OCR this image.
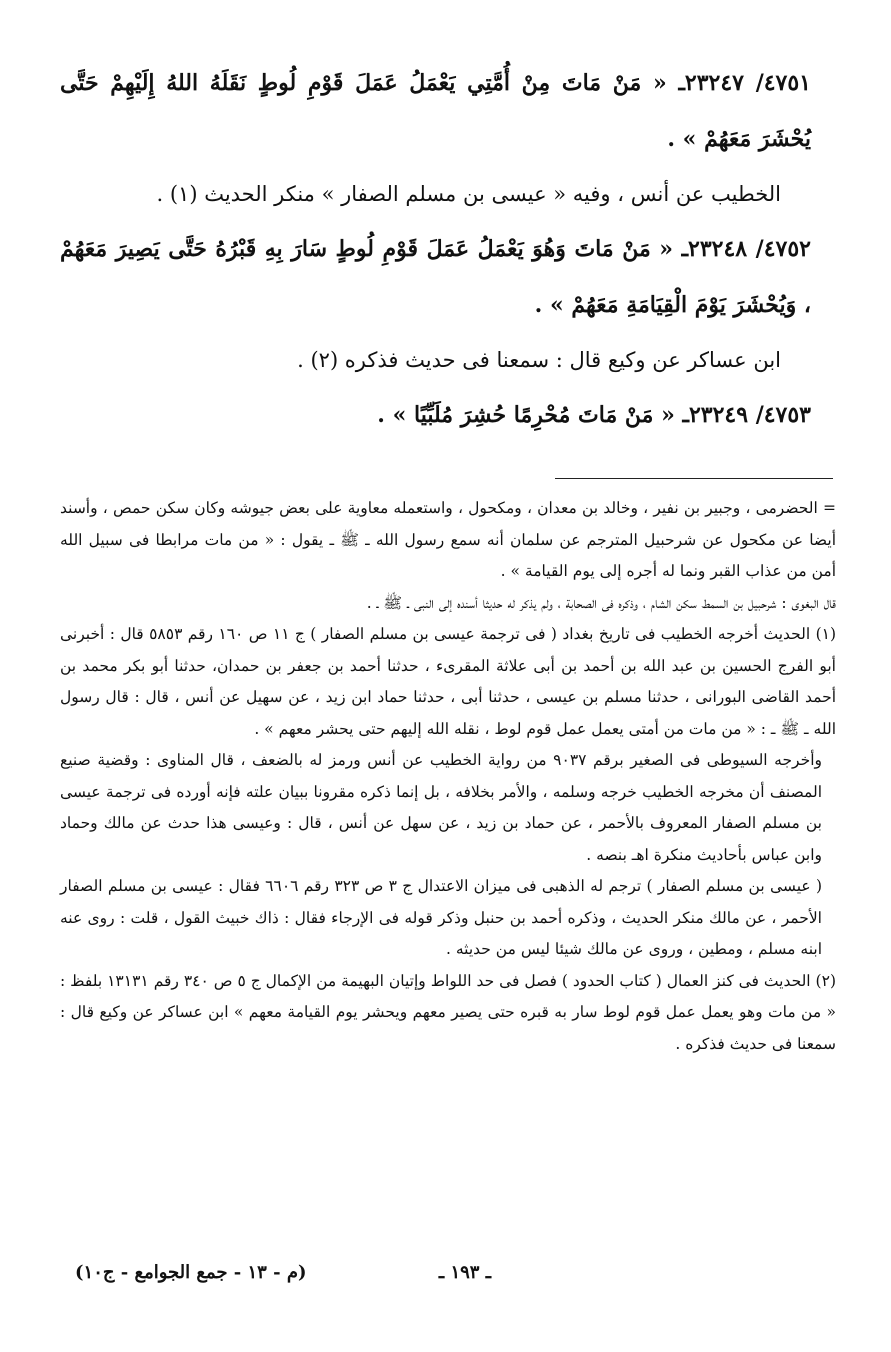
٤٧٥١/ ٢٣٢٤٧ـ « مَنْ مَاتَ مِنْ أُمَّتِي يَعْمَلُ عَمَلَ قَوْمِ لُوطٍ نَقَلَهُ اللهُ إِلَيْهِمْ حَتَّى يُحْشَرَ مَعَهُمْ » .

الخطيب عن أنس ، وفيه « عيسى بن مسلم الصفار » منكر الحديث (١) .

٤٧٥٢/ ٢٣٢٤٨ـ « مَنْ مَاتَ وَهُوَ يَعْمَلُ عَمَلَ قَوْمِ لُوطٍ سَارَ بِهِ قَبْرُهُ حَتَّى يَصِيرَ مَعَهُمْ ، وَيُحْشَرَ يَوْمَ الْقِيَامَةِ مَعَهُمْ » .

ابن عساكر عن وكيع قال : سمعنا فى حديث فذكره (٢) .

٤٧٥٣/ ٢٣٢٤٩ـ « مَنْ مَاتَ مُحْرِمًا حُشِرَ مُلَبِّيًا » .

= الحضرمى ، وجبير بن نفير ، وخالد بن معدان ، ومكحول ، واستعمله معاوية على بعض جيوشه وكان سكن حمص ، وأسند أيضا عن مكحول عن شرحبيل المترجم عن سلمان أنه سمع رسول الله ـ ﷺ ـ يقول : « من مات مرابطا فى سبيل الله أمن من عذاب القبر ونما له أجره إلى يوم القيامة » .

قال البغوى : شرحبيل بن السمط سكن الشام ، وذكره فى الصحابة ، ولم يذكر له حديثا أسنده إلى النبى ـ ﷺ ـ .

(١) الحديث أخرجه الخطيب فى تاريخ بغداد ( فى ترجمة عيسى بن مسلم الصفار ) ج ١١ ص ١٦٠ رقم ٥٨٥٣ قال : أخبرنى أبو الفرج الحسين بن عبد الله بن أحمد بن أبى علاثة المقرىء ، حدثنا أحمد بن جعفر بن حمدان، حدثنا أبو بكر محمد بن أحمد القاضى البورانى ، حدثنا مسلم بن عيسى ، حدثنا أبى ، حدثنا حماد ابن زيد ، عن سهيل عن أنس ، قال : قال رسول الله ـ ﷺ ـ : « من مات من أمتى يعمل عمل قوم لوط ، نقله الله إليهم حتى يحشر معهم » .

وأخرجه السيوطى فى الصغير برقم ٩٠٣٧ من رواية الخطيب عن أنس ورمز له بالضعف ، قال المناوى : وقضية صنيع المصنف أن مخرجه الخطيب خرجه وسلمه ، والأمر بخلافه ، بل إنما ذكره مقرونا ببيان علته فإنه أورده فى ترجمة عيسى بن مسلم الصفار المعروف بالأحمر ، عن حماد بن زيد ، عن سهل عن أنس ، قال : وعيسى هذا حدث عن مالك وحماد وابن عباس بأحاديث منكرة اهـ بنصه .

( عيسى بن مسلم الصفار ) ترجم له الذهبى فى ميزان الاعتدال ج ٣ ص ٣٢٣ رقم ٦٦٠٦ فقال : عيسى بن مسلم الصفار الأحمر ، عن مالك منكر الحديث ، وذكره أحمد بن حنبل وذكر قوله فى الإرجاء فقال : ذاك خبيث القول ، قلت : روى عنه ابنه مسلم ، ومطين ، وروى عن مالك شيئا ليس من حديثه .

(٢) الحديث فى كنز العمال ( كتاب الحدود ) فصل فى حد اللواط وإتيان البهيمة من الإكمال ج ٥ ص ٣٤٠ رقم ١٣١٣١ بلفظ : « من مات وهو يعمل عمل قوم لوط سار به قبره حتى يصير معهم ويحشر يوم القيامة معهم » ابن عساكر عن وكيع قال : سمعنا فى حديث فذكره .

ـ ١٩٣ ـ
(م - ١٣ - جمع الجوامع - ج١٠)
